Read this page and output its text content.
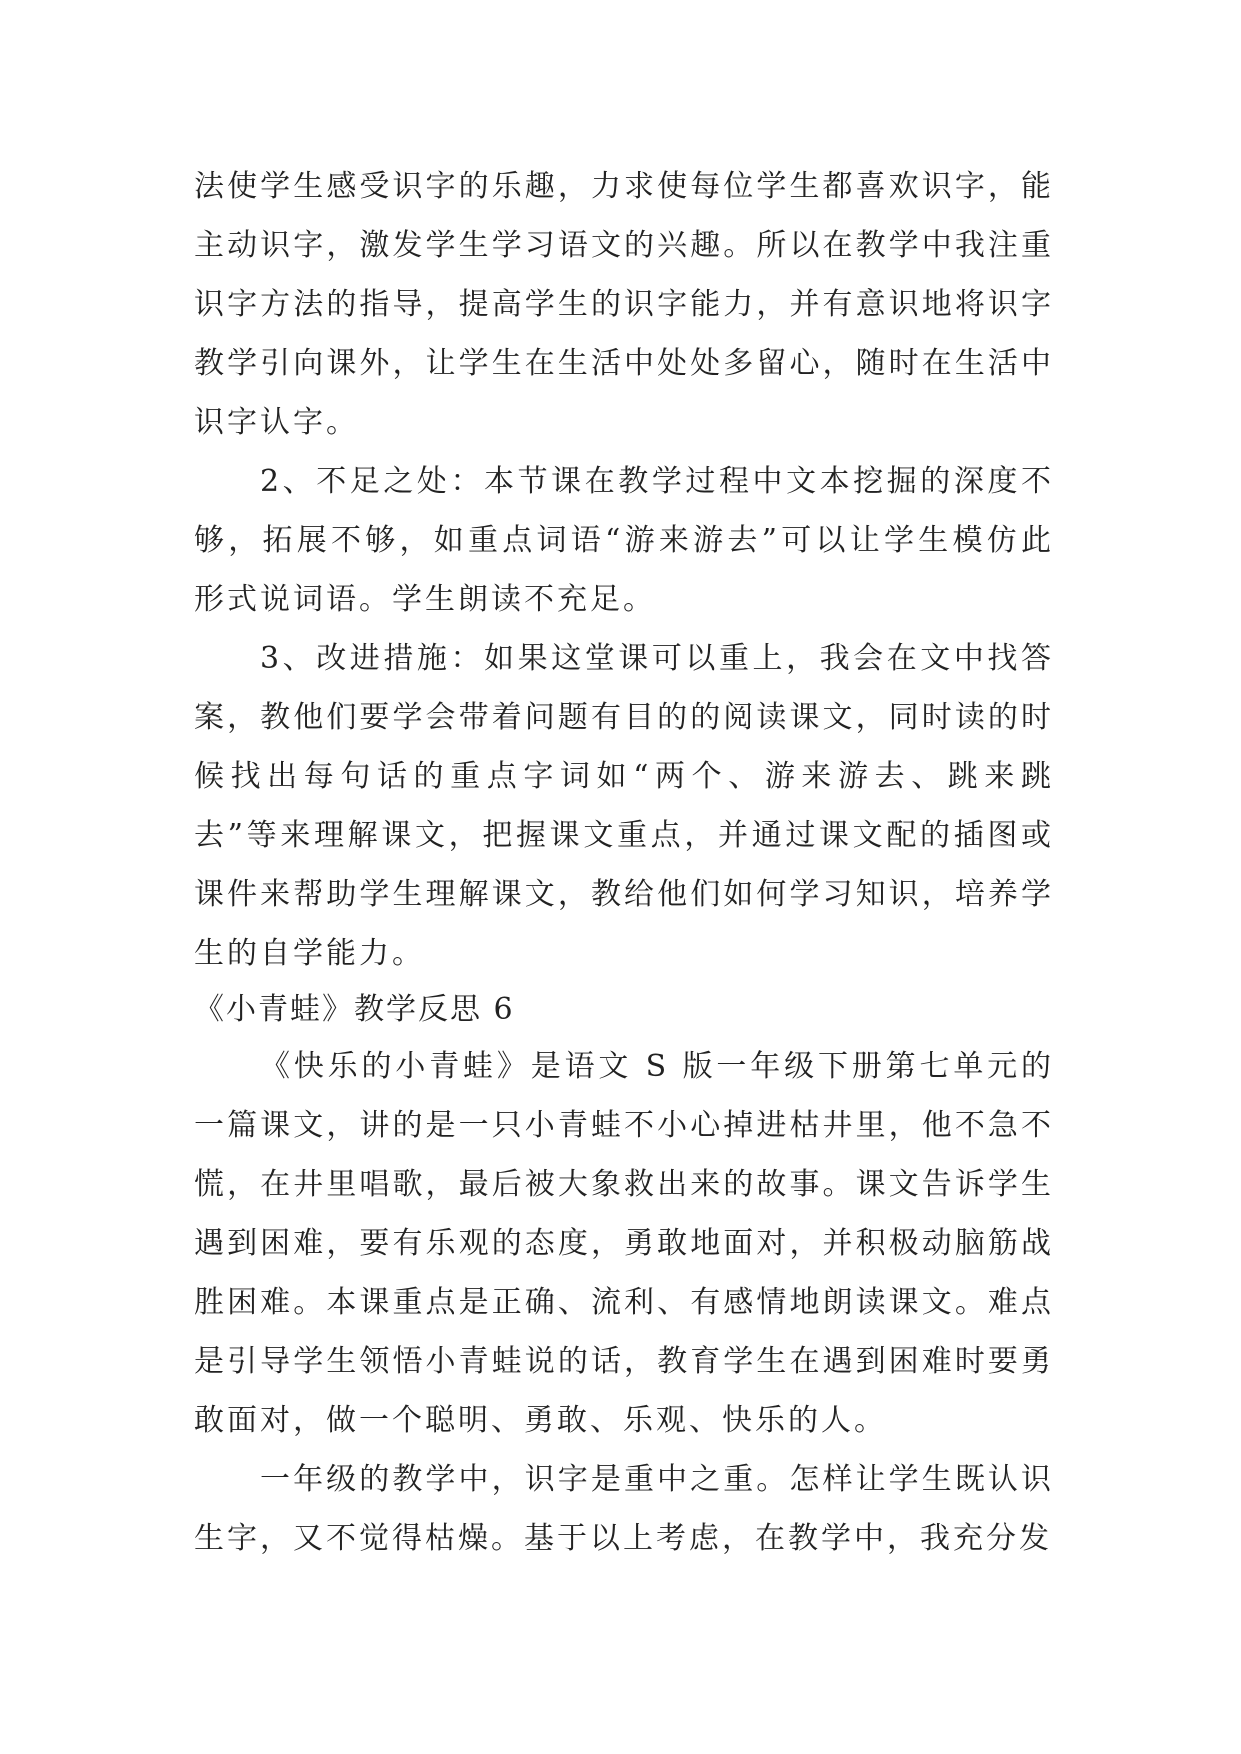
法使学生感受识字的乐趣，力求使每位学生都喜欢识字，能主动识字，激发学生学习语文的兴趣。所以在教学中我注重识字方法的指导，提高学生的识字能力，并有意识地将识字教学引向课外，让学生在生活中处处多留心，随时在生活中识字认字。

2、不足之处：本节课在教学过程中文本挖掘的深度不够，拓展不够，如重点词语“游来游去”可以让学生模仿此形式说词语。学生朗读不充足。

3、改进措施：如果这堂课可以重上，我会在文中找答案，教他们要学会带着问题有目的的阅读课文，同时读的时候找出每句话的重点字词如“两个、游来游去、跳来跳去”等来理解课文，把握课文重点，并通过课文配的插图或课件来帮助学生理解课文，教给他们如何学习知识，培养学生的自学能力。

《小青蛙》教学反思 6

《快乐的小青蛙》是语文 S 版一年级下册第七单元的一篇课文，讲的是一只小青蛙不小心掉进枯井里，他不急不慌，在井里唱歌，最后被大象救出来的故事。课文告诉学生遇到困难，要有乐观的态度，勇敢地面对，并积极动脑筋战胜困难。本课重点是正确、流利、有感情地朗读课文。难点是引导学生领悟小青蛙说的话，教育学生在遇到困难时要勇敢面对，做一个聪明、勇敢、乐观、快乐的人。

一年级的教学中，识字是重中之重。怎样让学生既认识生字，又不觉得枯燥。基于以上考虑，在教学中，我充分发
